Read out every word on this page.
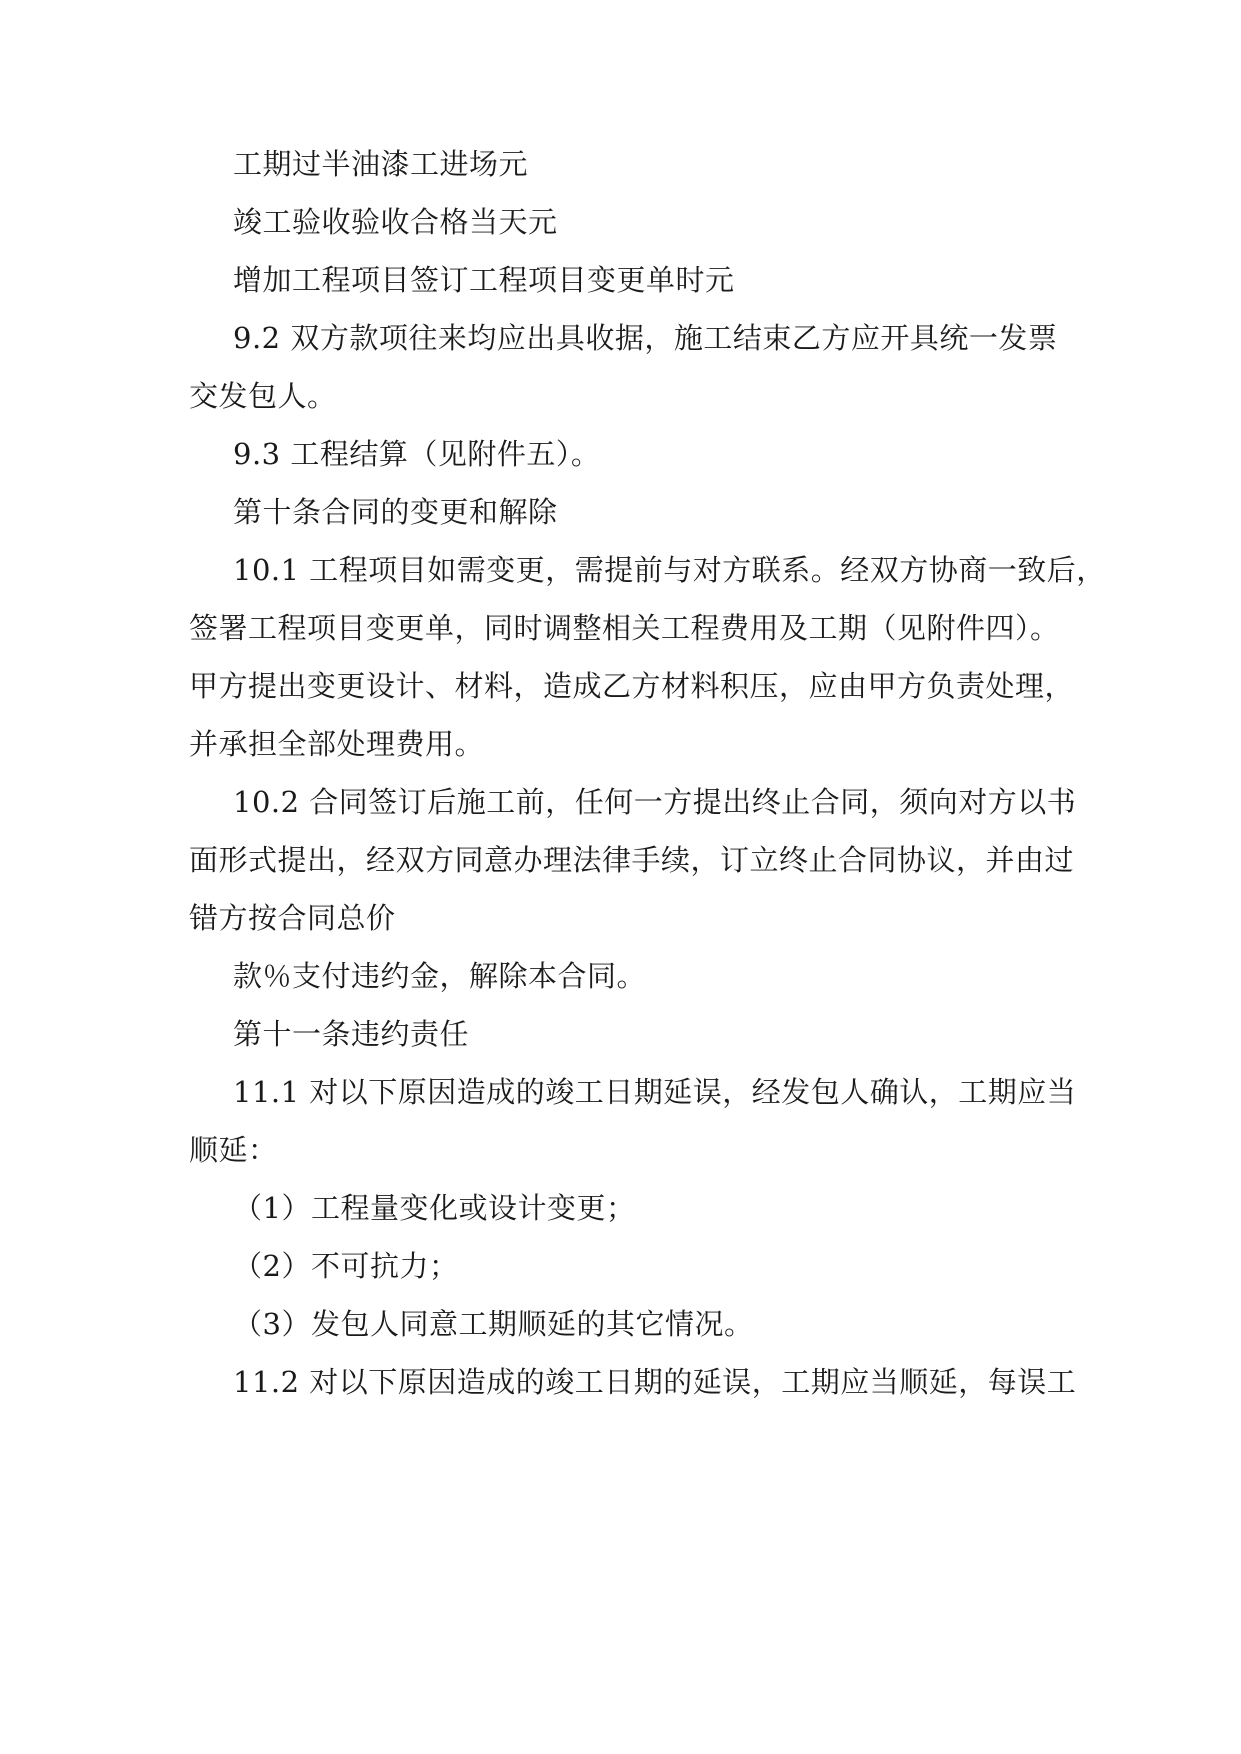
工期过半油漆工进场元

竣工验收验收合格当天元

增加工程项目签订工程项目变更单时元

9.2 双方款项往来均应出具收据，施工结束乙方应开具统一发票

交发包人。

9.3 工程结算（见附件五）。

第十条合同的变更和解除

10.1 工程项目如需变更，需提前与对方联系。经双方协商一致后，

签署工程项目变更单，同时调整相关工程费用及工期（见附件四）。

甲方提出变更设计、材料，造成乙方材料积压，应由甲方负责处理，

并承担全部处理费用。

10.2 合同签订后施工前，任何一方提出终止合同，须向对方以书

面形式提出，经双方同意办理法律手续，订立终止合同协议，并由过

错方按合同总价

款％支付违约金，解除本合同。

第十一条违约责任

11.1 对以下原因造成的竣工日期延误，经发包人确认，工期应当

顺延：

（1）工程量变化或设计变更；

（2）不可抗力；

（3）发包人同意工期顺延的其它情况。

11.2 对以下原因造成的竣工日期的延误，工期应当顺延，每误工
